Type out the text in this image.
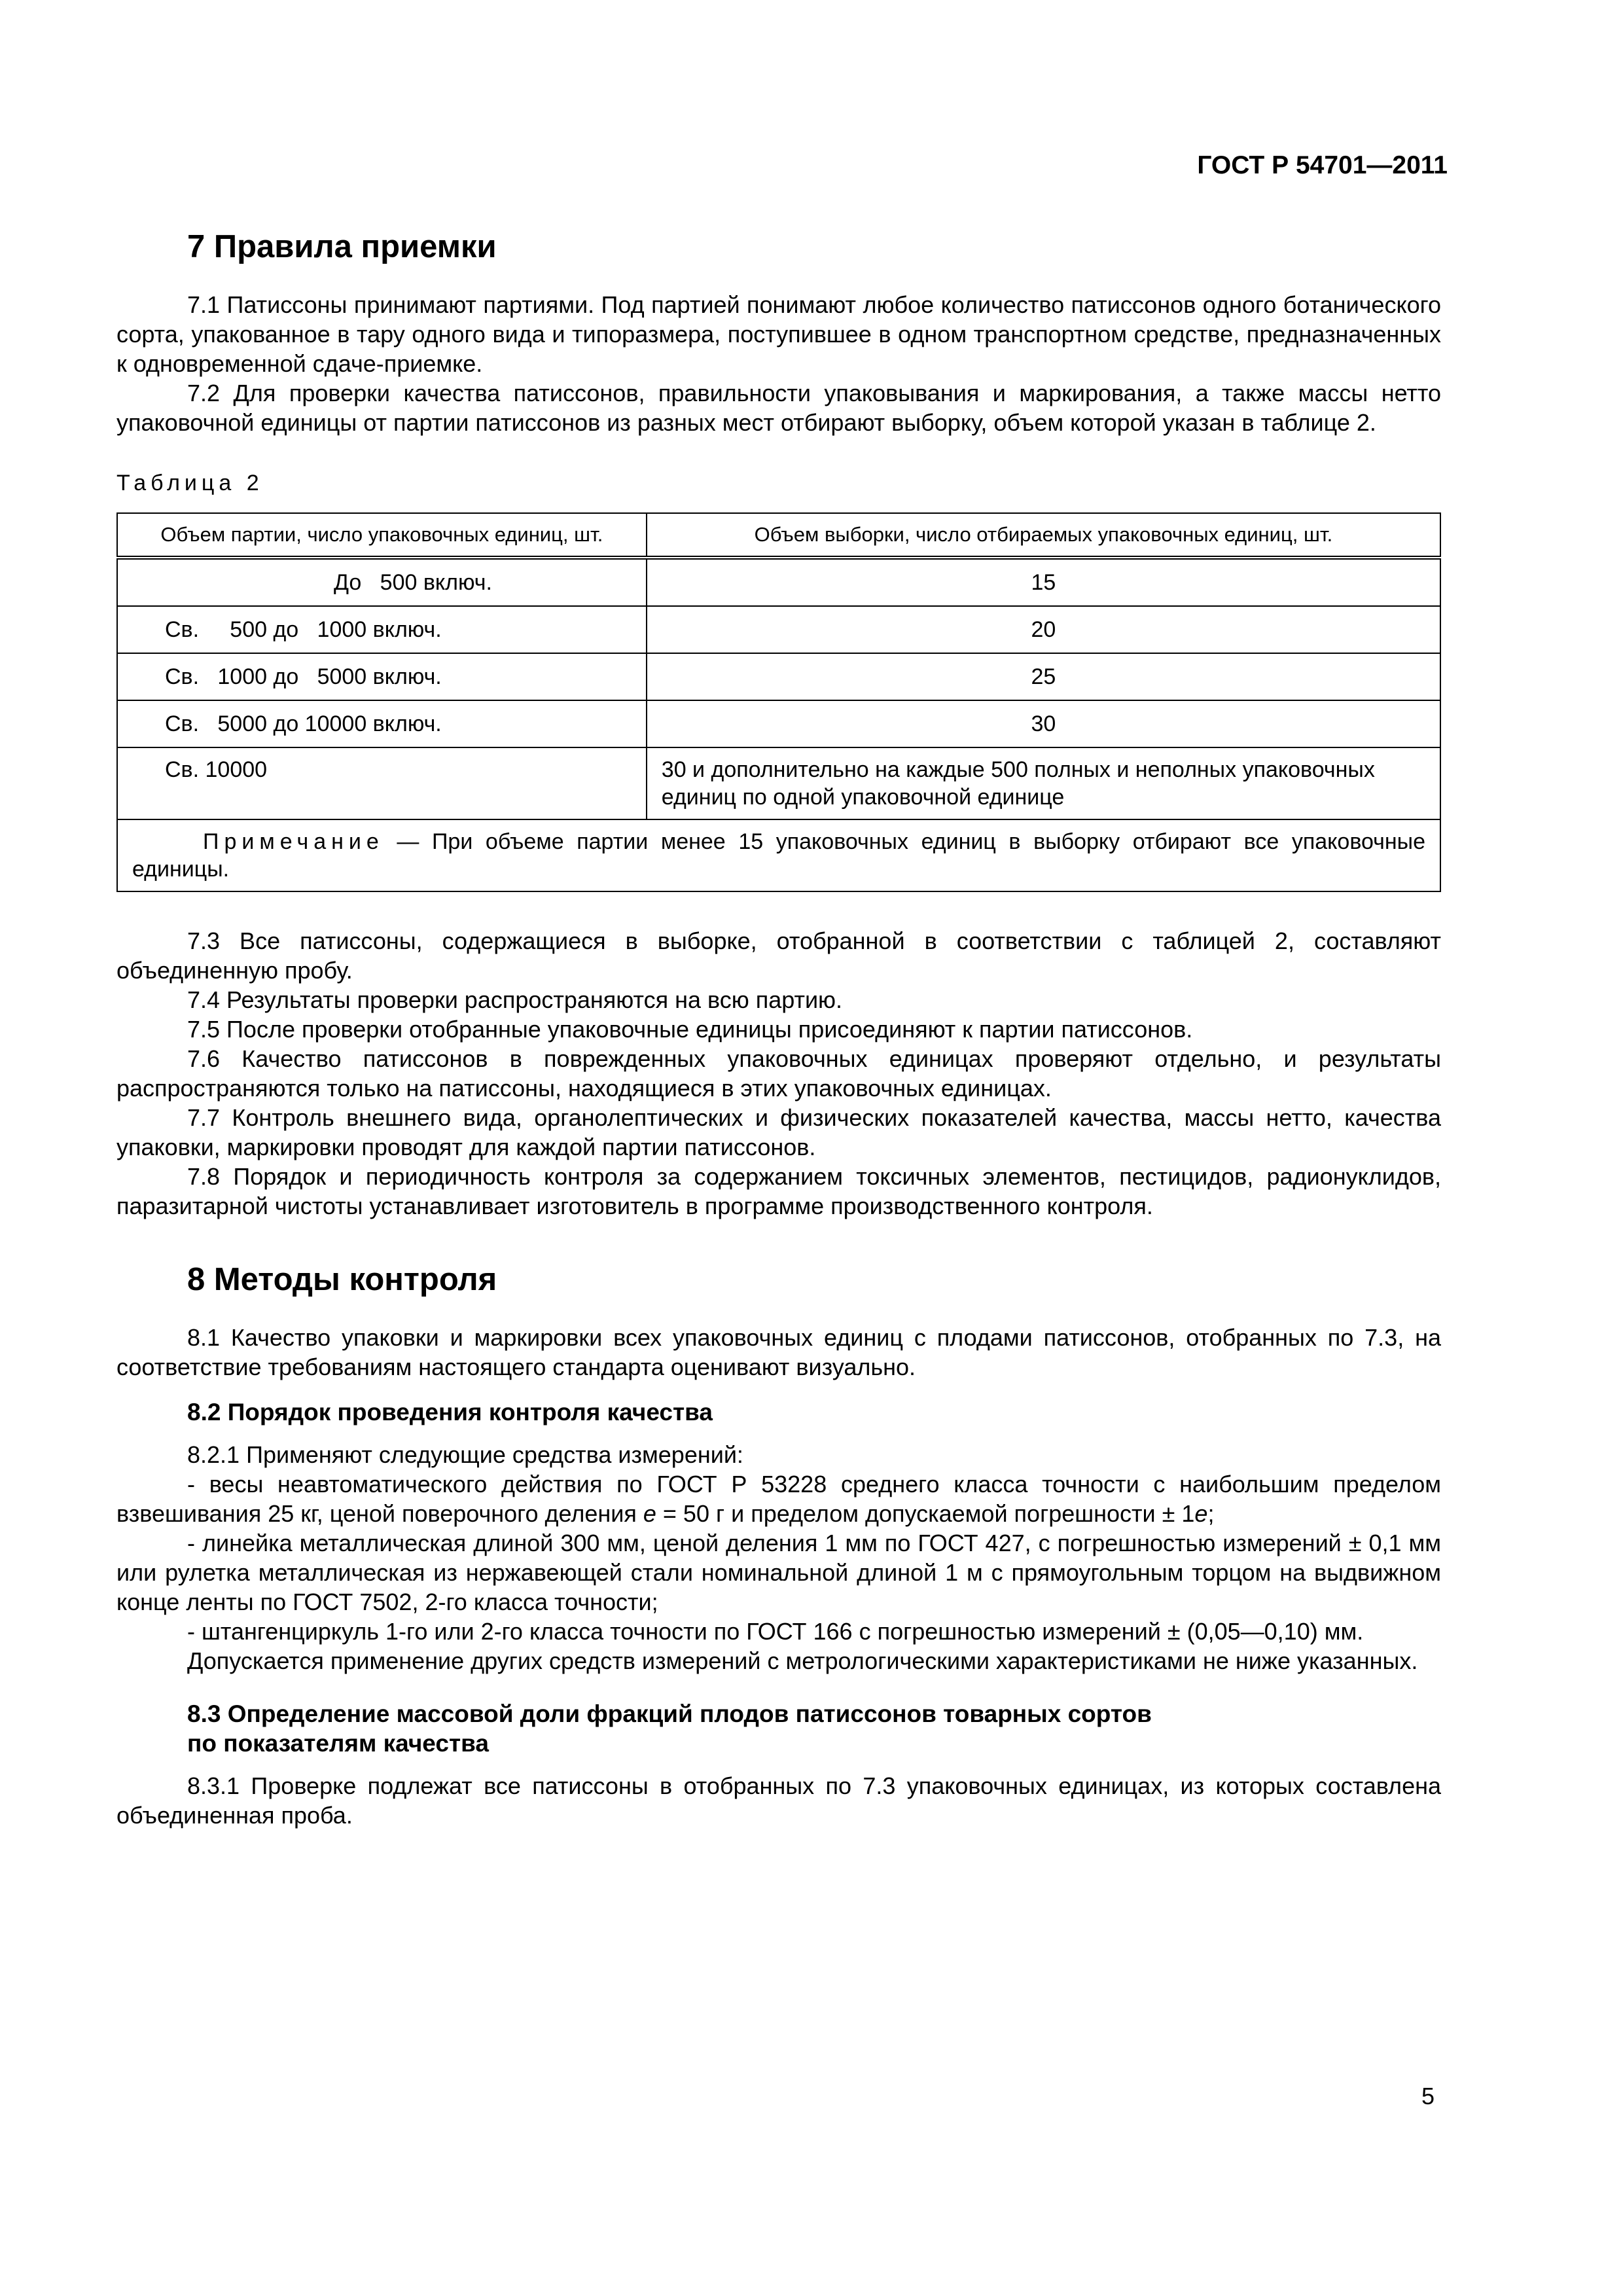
ГОСТ Р 54701—2011
7 Правила приемки

7.1 Патиссоны принимают партиями. Под партией понимают любое количество патиссонов одного ботанического сорта, упакованное в тару одного вида и типоразмера, поступившее в одном транспортном средстве, предназначенных к одновременной сдаче-приемке.

7.2 Для проверки качества патиссонов, правильности упаковывания и маркирования, а также массы нетто упаковочной единицы от партии патиссонов из разных мест отбирают выборку, объем которой указан в таблице 2.

Таблица 2
Объем партии, число упаковочных единиц, шт.	Объем выборки, число отбираемых упаковочных единиц, шт.
До   500 включ.	15
Св.     500 до   1000 включ.	20
Св.   1000 до   5000 включ.	25
Св.   5000 до 10000 включ.	30
Св. 10000	30 и дополнительно на каждые 500 полных и неполных упаковочных единиц по одной упаковочной единице
Примечание — При объеме партии менее 15 упаковочных единиц в выборку отбирают все упаковочные единицы.	

7.3 Все патиссоны, содержащиеся в выборке, отобранной в соответствии с таблицей 2, составляют объединенную пробу.

7.4 Результаты проверки распространяются на всю партию.

7.5 После проверки отобранные упаковочные единицы присоединяют к партии патиссонов.

7.6 Качество патиссонов в поврежденных упаковочных единицах проверяют отдельно, и результаты распространяются только на патиссоны, находящиеся в этих упаковочных единицах.

7.7 Контроль внешнего вида, органолептических и физических показателей качества, массы нетто, качества упаковки, маркировки проводят для каждой партии патиссонов.

7.8 Порядок и периодичность контроля за содержанием токсичных элементов, пестицидов, радионуклидов, паразитарной чистоты устанавливает изготовитель в программе производственного контроля.

8 Методы контроля

8.1 Качество упаковки и маркировки всех упаковочных единиц с плодами патиссонов, отобранных по 7.3, на соответствие требованиям настоящего стандарта оценивают визуально.

8.2 Порядок проведения контроля качества

8.2.1 Применяют следующие средства измерений:

- весы неавтоматического действия по ГОСТ Р 53228 среднего класса точности с наибольшим пределом взвешивания 25 кг, ценой поверочного деления e = 50 г и пределом допускаемой погрешности ± 1e;

- линейка металлическая длиной 300 мм, ценой деления 1 мм по ГОСТ 427, с погрешностью измерений ± 0,1 мм или рулетка металлическая из нержавеющей стали номинальной длиной 1 м с прямоугольным торцом на выдвижном конце ленты по ГОСТ 7502, 2-го класса точности;

- штангенциркуль 1-го или 2-го класса точности по ГОСТ 166 с погрешностью измерений ± (0,05—0,10) мм.

Допускается применение других средств измерений с метрологическими характеристиками не ниже указанных.

8.3 Определение массовой доли фракций плодов патиссонов товарных сортов
по показателям качества

8.3.1 Проверке подлежат все патиссоны в отобранных по 7.3 упаковочных единицах, из которых составлена объединенная проба.

5
